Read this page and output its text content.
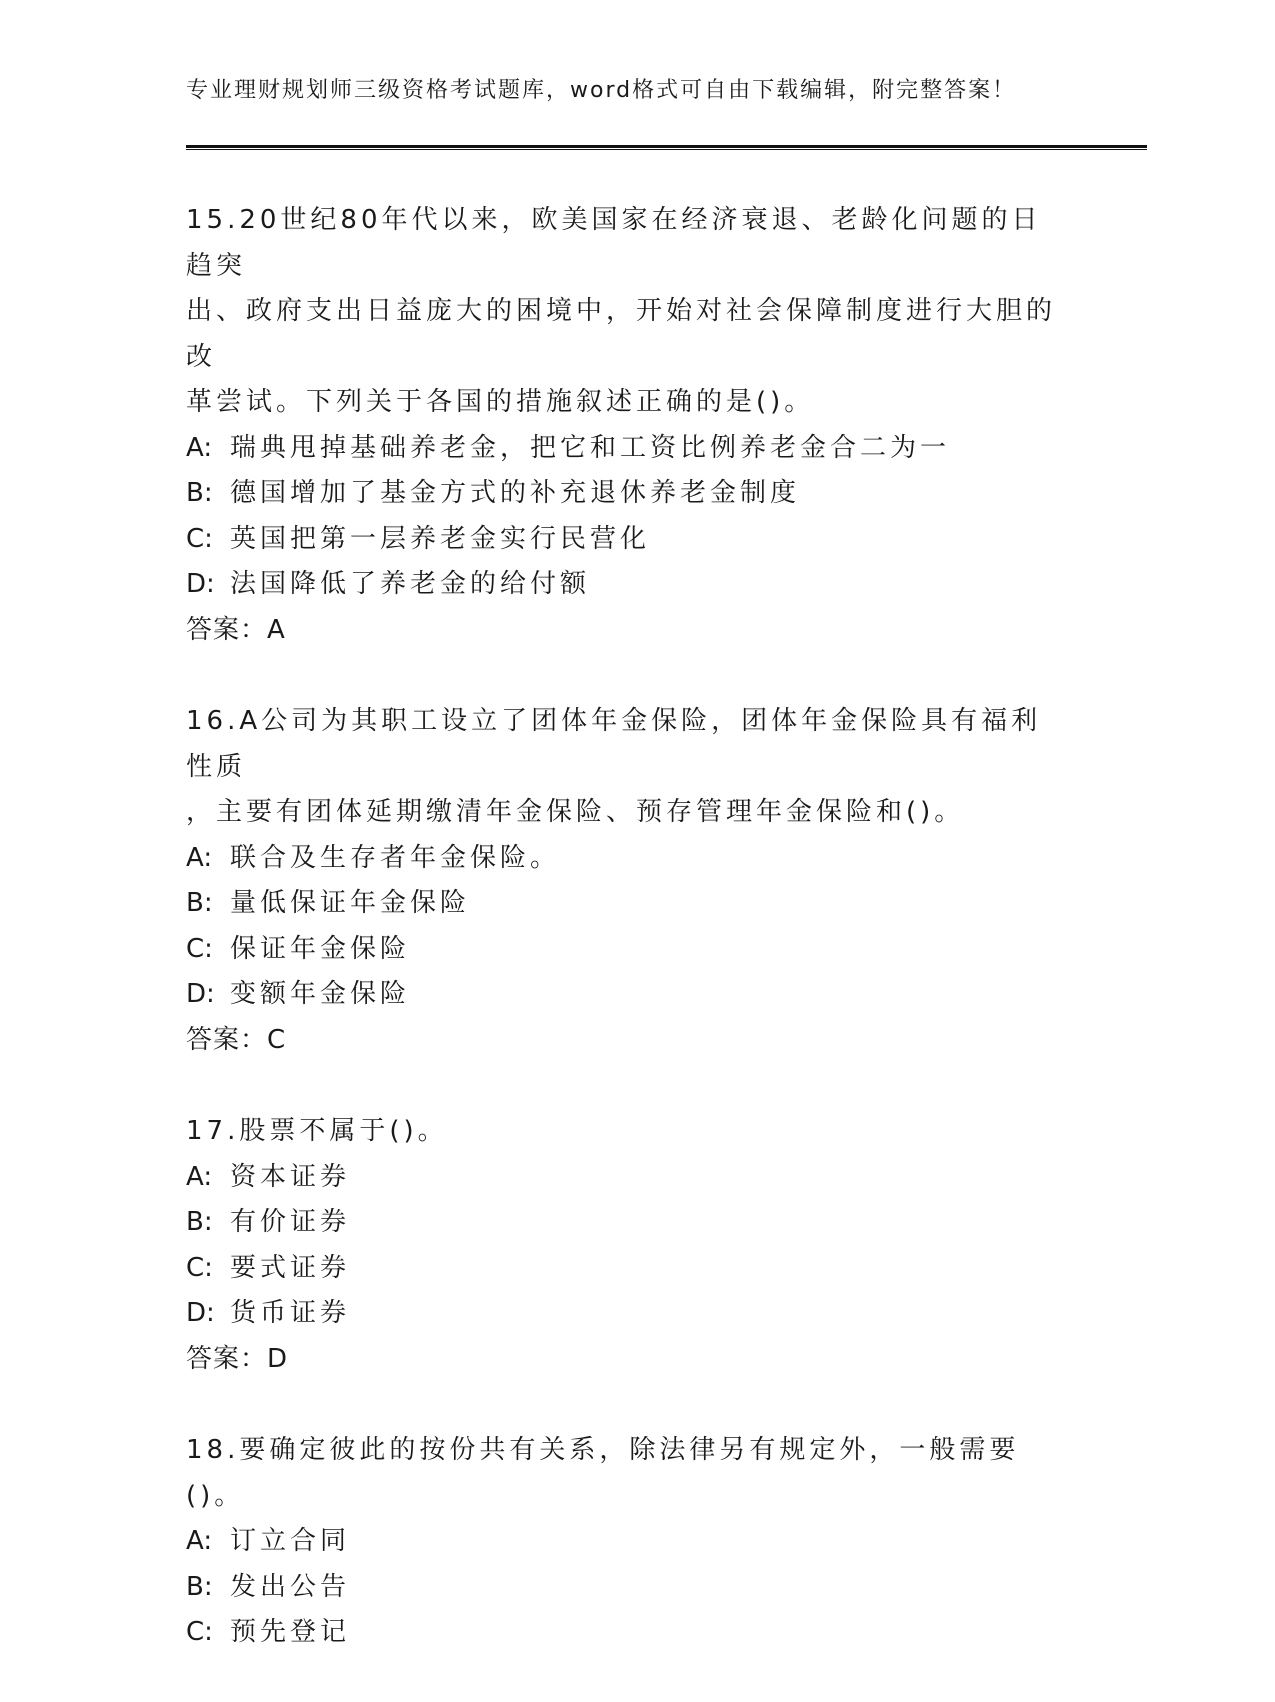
专业理财规划师三级资格考试题库，word格式可自由下载编辑，附完整答案！
15.20世纪80年代以来，欧美国家在经济衰退、老龄化问题的日趋突
出、政府支出日益庞大的困境中，开始对社会保障制度进行大胆的改
革尝试。下列关于各国的措施叙述正确的是()。
A: 瑞典甩掉基础养老金，把它和工资比例养老金合二为一
B: 德国增加了基金方式的补充退休养老金制度
C: 英国把第一层养老金实行民营化
D: 法国降低了养老金的给付额
答案：A
16.A公司为其职工设立了团体年金保险，团体年金保险具有福利性质
，主要有团体延期缴清年金保险、预存管理年金保险和()。
A: 联合及生存者年金保险。
B: 量低保证年金保险
C: 保证年金保险
D: 变额年金保险
答案：C
17.股票不属于()。
A: 资本证券
B: 有价证券
C: 要式证券
D: 货币证券
答案：D
18.要确定彼此的按份共有关系，除法律另有规定外，一般需要()。
A: 订立合同
B: 发出公告
C: 预先登记
